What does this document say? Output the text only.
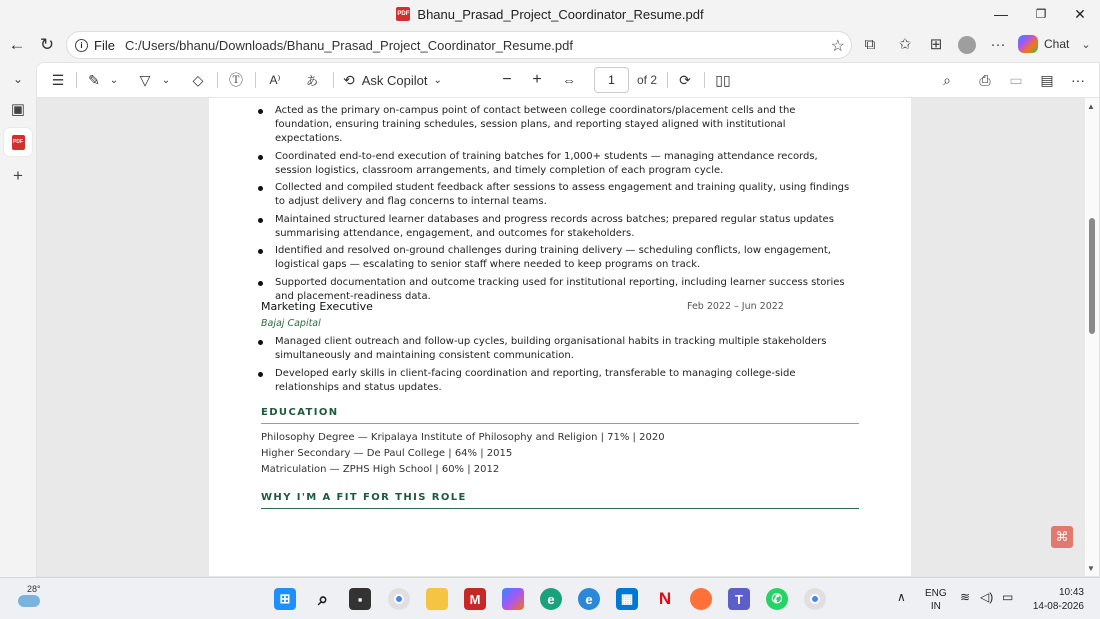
PDF Bhanu_Prasad_Project_Coordinator_Resume.pdf	—	❐	✕
← ↻	i File C:/Users/bhanu/Downloads/Bhanu_Prasad_Project_Coordinator_Resume.pdf	☆	⧉	✩	⊞	···	Chat	⌄
⌄
▣
PDF
+
☰	✎ ⌄	▽	⌄	◇	Ⓣ	A⁾	あ	⟲ Ask Copilot ⌄	−	+	⇔	1	of 2	⟳	▯▯	⌕	⎙	▭	▤	···
Acted as the primary on-campus point of contact between college coordinators/placement cells and the foundation, ensuring training schedules, session plans, and reporting stayed aligned with institutional expectations.
Coordinated end-to-end execution of training batches for 1,000+ students — managing attendance records, session logistics, classroom arrangements, and timely completion of each program cycle.
Collected and compiled student feedback after sessions to assess engagement and training quality, using findings to adjust delivery and flag concerns to internal teams.
Maintained structured learner databases and progress records across batches; prepared regular status updates summarising attendance, engagement, and outcomes for stakeholders.
Identified and resolved on-ground challenges during training delivery — scheduling conflicts, low engagement, logistical gaps — escalating to senior staff where needed to keep programs on track.
Supported documentation and outcome tracking used for institutional reporting, including learner success stories and placement-readiness data.
Marketing Executive	Feb 2022 – Jun 2022
Bajaj Capital
Managed client outreach and follow-up cycles, building organisational habits in tracking multiple stakeholders simultaneously and maintaining consistent communication.
Developed early skills in client-facing coordination and reporting, transferable to managing college-side relationships and status updates.
EDUCATION
Philosophy Degree — Kripalaya Institute of Philosophy and Religion | 71% | 2020
Higher Secondary — De Paul College | 64% | 2015
Matriculation — ZPHS High School | 60% | 2012
WHY I'M A FIT FOR THIS ROLE
⌘
▲
▼
28°
⊞	⌕	▪	M	e	e	▦ N	T	✆	∧ ENG
IN
≋ ◁) ▭	10:43
14-08-2026
